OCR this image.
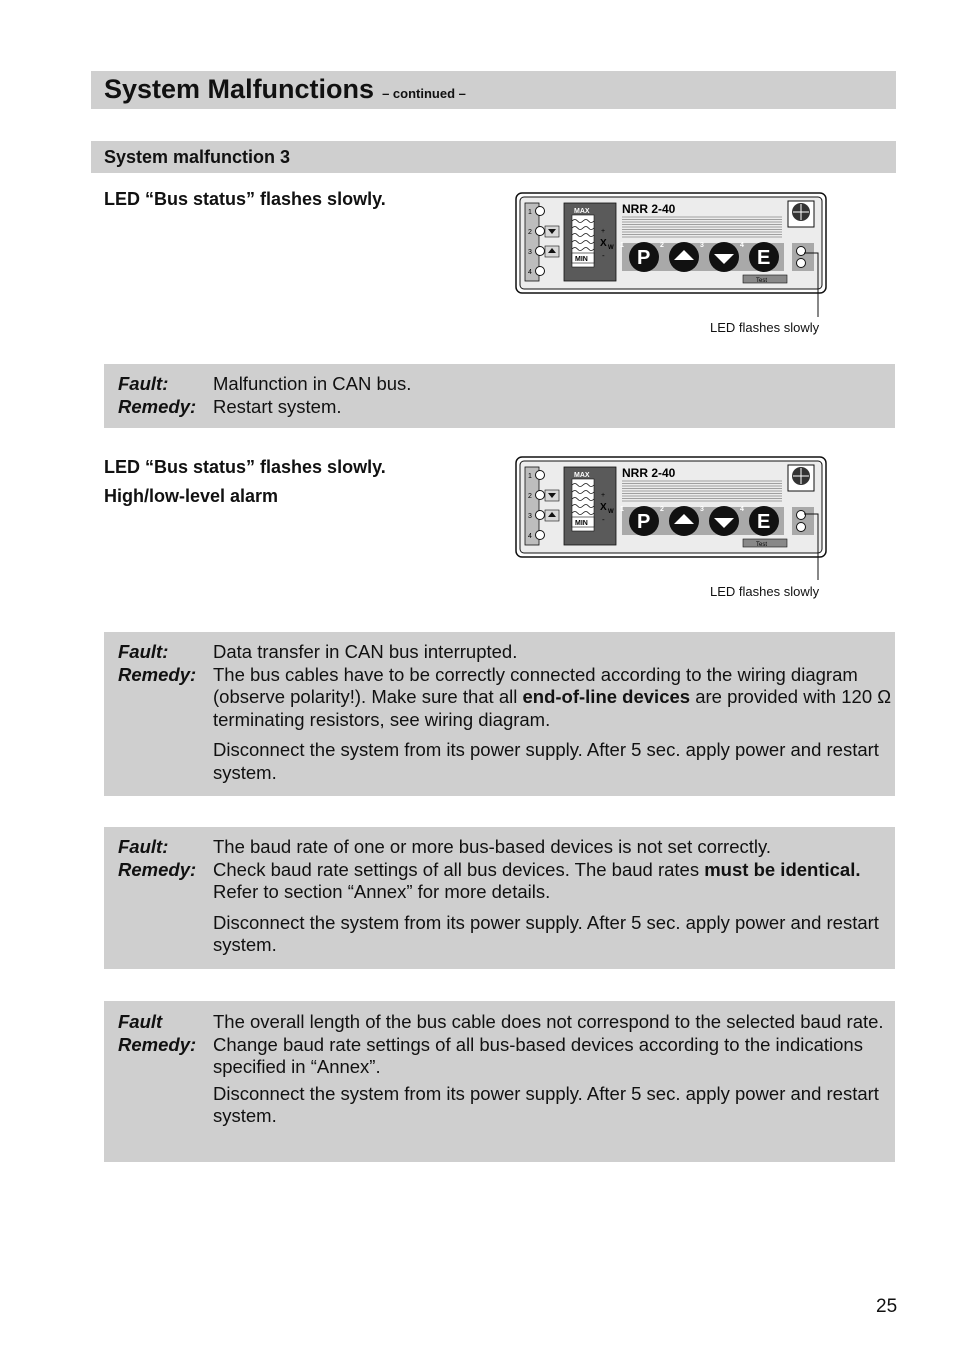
System Malfunctions – continued –
System malfunction 3
LED “Bus status” flashes slowly.
1
2
3
4
MAX
MIN
+
X W
-
NRR 2-40
1	2	3	4
P	E
Test
LED flashes slowly
Fault: Malfunction in CAN bus.
Remedy: Restart system.
LED “Bus status” flashes slowly.
High/low-level alarm
1
2
3
4
MAX
MIN
+
X W
-
NRR 2-40
1	2	3	4
P	E
Test
LED flashes slowly
Fault: Data transfer in CAN bus interrupted.
Remedy: The bus cables have to be correctly connected according to the wiring diagram (observe polarity!). Make sure that all end-of-line devices are provided with 120 Ω terminating resistors, see wiring diagram.
Disconnect the system from its power supply. After 5 sec. apply power and restart system.
Fault: The baud rate of one or more bus-based devices is not set correctly.
Remedy: Check baud rate settings of all bus devices. The baud rates must be identical. Refer to section “Annex” for more details.
Disconnect the system from its power supply. After 5 sec. apply power and restart system.
Fault	The overall length of the bus cable does not correspond to the selected baud rate.
Remedy: Change baud rate settings of all bus-based devices according to the indications specified in “Annex”.
Disconnect the system from its power supply. After 5 sec. apply power and restart system.
25
